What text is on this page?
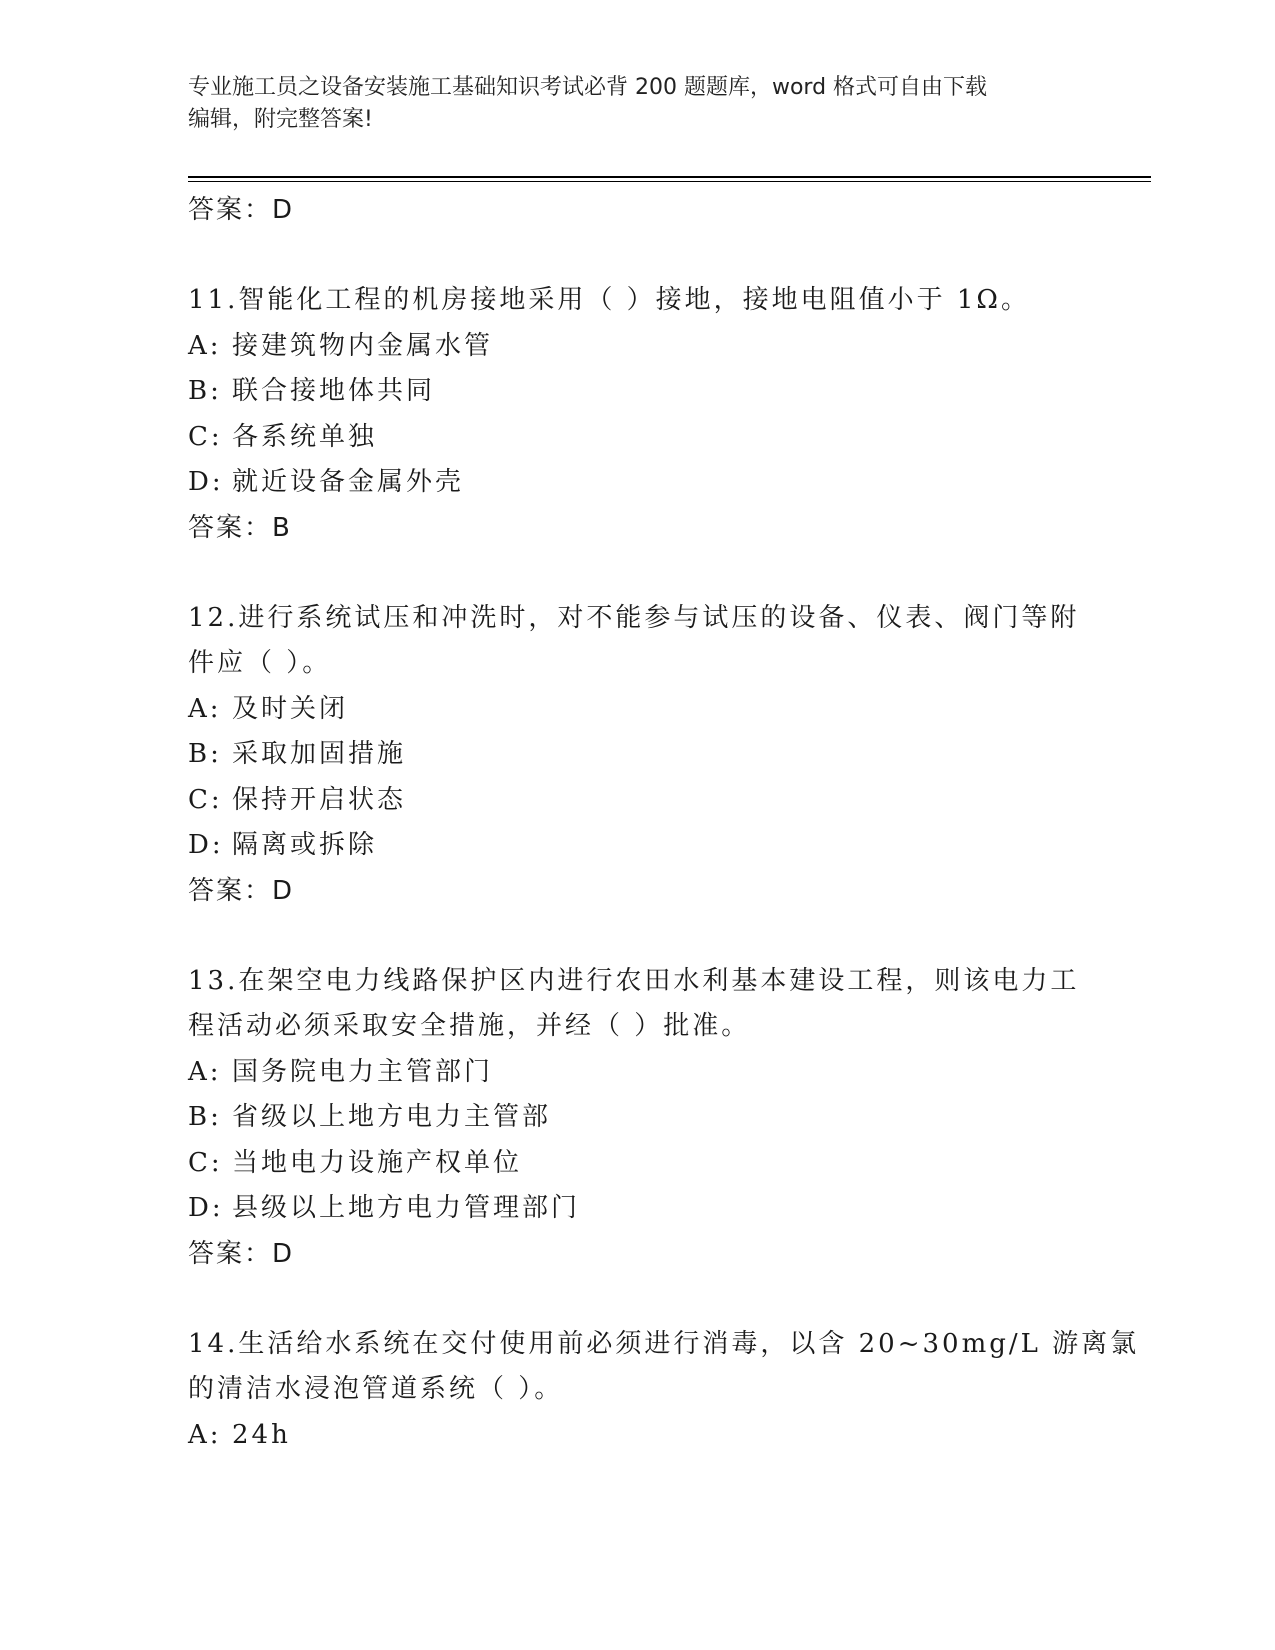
专业施工员之设备安装施工基础知识考试必背 200 题题库，word 格式可自由下载
编辑，附完整答案!
答案：D
11.智能化工程的机房接地采用（ ）接地，接地电阻值小于 1Ω。
A: 接建筑物内金属水管
B: 联合接地体共同
C: 各系统单独
D: 就近设备金属外壳
答案：B
12.进行系统试压和冲洗时，对不能参与试压的设备、仪表、阀门等附
件应（ ）。
A: 及时关闭
B: 采取加固措施
C: 保持开启状态
D: 隔离或拆除
答案：D
13.在架空电力线路保护区内进行农田水利基本建设工程，则该电力工
程活动必须采取安全措施，并经（ ）批准。
A: 国务院电力主管部门
B: 省级以上地方电力主管部
C: 当地电力设施产权单位
D: 县级以上地方电力管理部门
答案：D
14.生活给水系统在交付使用前必须进行消毒，以含 20~30mg/L 游离氯
的清洁水浸泡管道系统（ ）。
A: 24h
